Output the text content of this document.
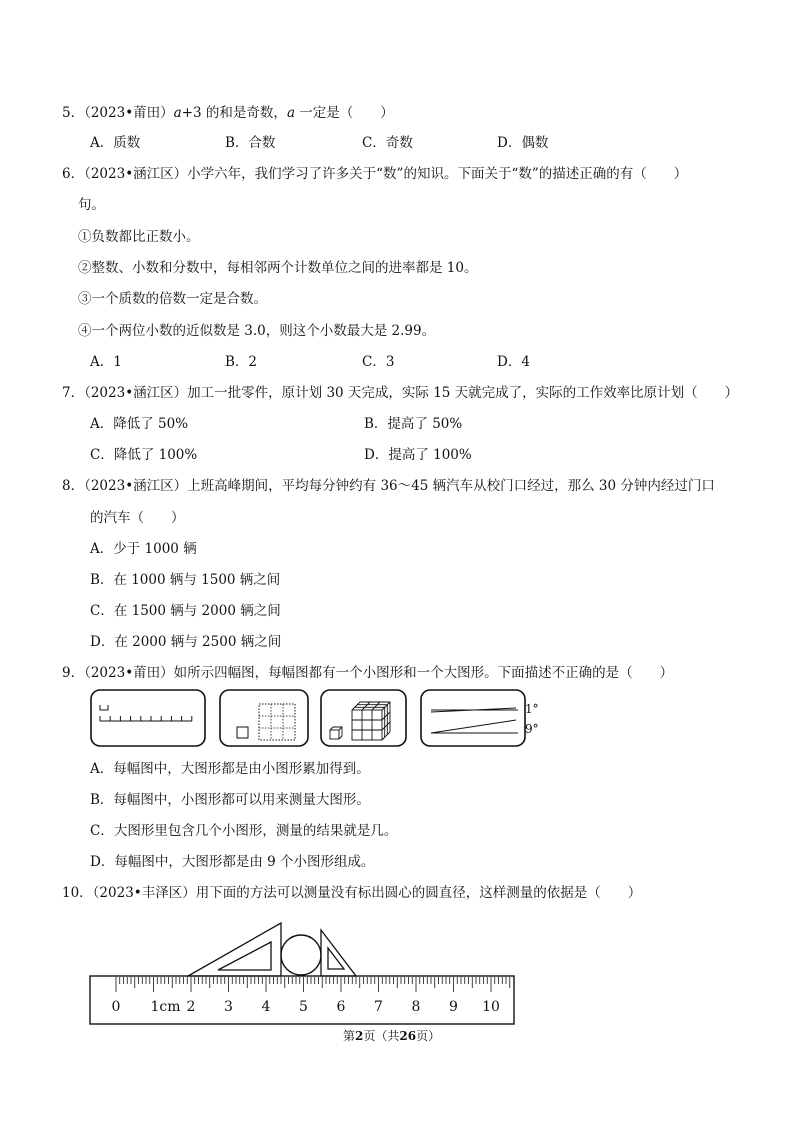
5．（2023•莆田）a+3 的和是奇数，a 一定是（　　）
A．质数	B．合数	C．奇数	D．偶数
6．（2023•涵江区）小学六年，我们学习了许多关于“数”的知识。下面关于“数”的描述正确的有（　　）
句。
①负数都比正数小。
②整数、小数和分数中，每相邻两个计数单位之间的进率都是 10。
③一个质数的倍数一定是合数。
④一个两位小数的近似数是 3.0，则这个小数最大是 2.99。
A．1	B．2	C．3	D．4
7．（2023•涵江区）加工一批零件，原计划 30 天完成，实际 15 天就完成了，实际的工作效率比原计划（　　）
A．降低了 50%	B．提高了 50%
C．降低了 100%	D．提高了 100%
8．（2023•涵江区）上班高峰期间，平均每分钟约有 36～45 辆汽车从校门口经过，那么 30 分钟内经过门口
的汽车（　　）
A．少于 1000 辆
B．在 1000 辆与 1500 辆之间
C．在 1500 辆与 2000 辆之间
D．在 2000 辆与 2500 辆之间
9．（2023•莆田）如所示四幅图，每幅图都有一个小图形和一个大图形。下面描述不正确的是（　　）
1°
9°
A．每幅图中，大图形都是由小图形累加得到。
B．每幅图中，小图形都可以用来测量大图形。
C．大图形里包含几个小图形，测量的结果就是几。
D．每幅图中，大图形都是由 9 个小图形组成。
10．（2023•丰泽区）用下面的方法可以测量没有标出圆心的圆直径，这样测量的依据是（　　）
0 1cm 2 3 4 5 6 7 8 9 10
第2页（共26页）
